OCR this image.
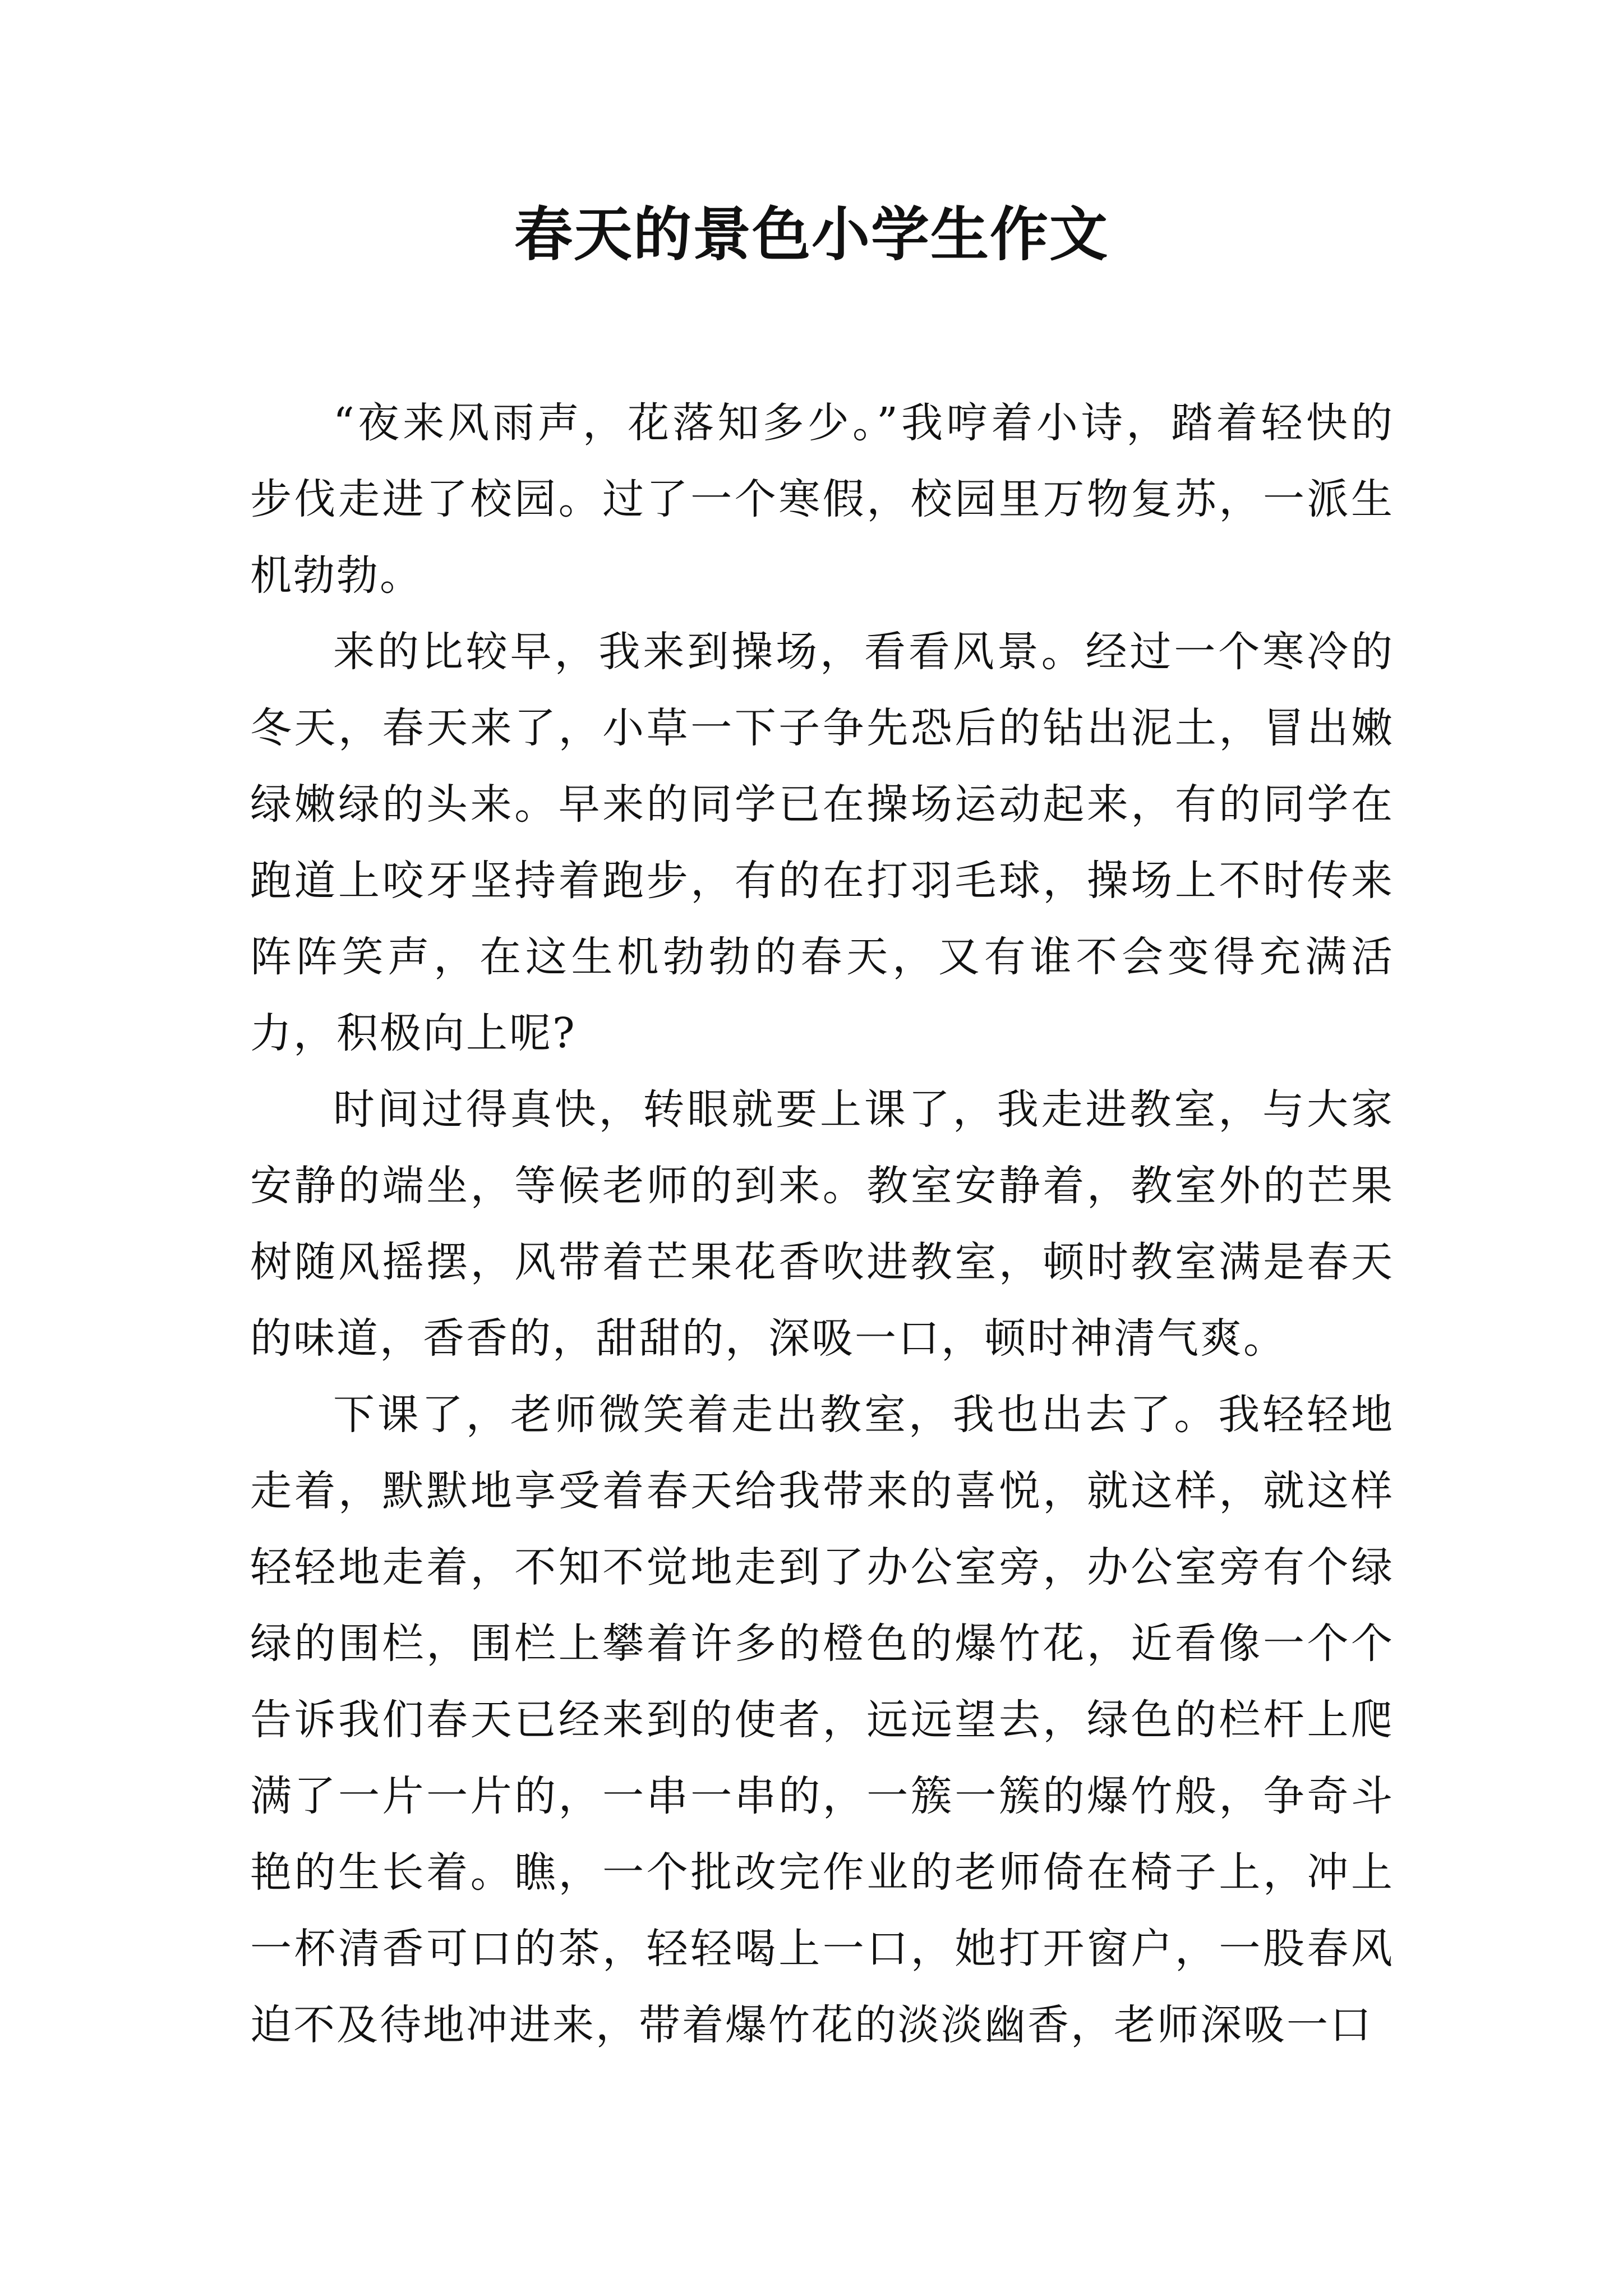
春天的景色小学生作文

“夜来风雨声，花落知多少。”我哼着小诗，踏着轻快的步伐走进了校园。过了一个寒假，校园里万物复苏，一派生机勃勃。

来的比较早，我来到操场，看看风景。经过一个寒冷的冬天，春天来了，小草一下子争先恐后的钻出泥土，冒出嫩绿嫩绿的头来。早来的同学已在操场运动起来，有的同学在跑道上咬牙坚持着跑步，有的在打羽毛球，操场上不时传来阵阵笑声，在这生机勃勃的春天，又有谁不会变得充满活力，积极向上呢?

时间过得真快，转眼就要上课了，我走进教室，与大家安静的端坐，等候老师的到来。教室安静着，教室外的芒果树随风摇摆，风带着芒果花香吹进教室，顿时教室满是春天的味道，香香的，甜甜的，深吸一口，顿时神清气爽。

下课了，老师微笑着走出教室，我也出去了。我轻轻地走着，默默地享受着春天给我带来的喜悦，就这样，就这样轻轻地走着，不知不觉地走到了办公室旁，办公室旁有个绿绿的围栏，围栏上攀着许多的橙色的爆竹花，近看像一个个告诉我们春天已经来到的使者，远远望去，绿色的栏杆上爬满了一片一片的，一串一串的，一簇一簇的爆竹般，争奇斗艳的生长着。瞧，一个批改完作业的老师倚在椅子上，冲上一杯清香可口的茶，轻轻喝上一口，她打开窗户，一股春风迫不及待地冲进来，带着爆竹花的淡淡幽香，老师深吸一口
